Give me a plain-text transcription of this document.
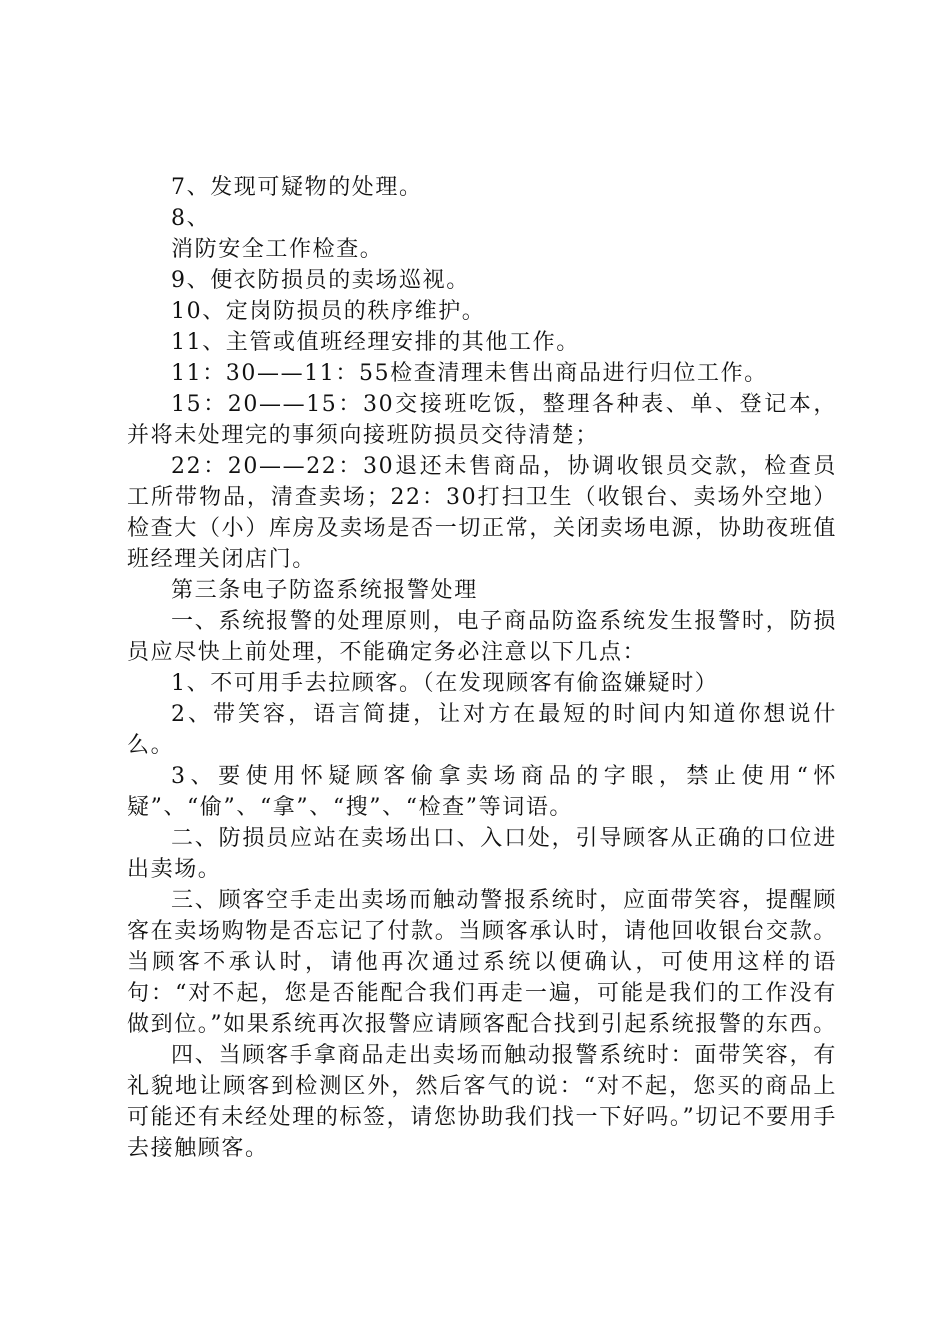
7、发现可疑物的处理。

8、

消防安全工作检查。

9、便衣防损员的卖场巡视。

10、定岗防损员的秩序维护。

11、主管或值班经理安排的其他工作。

11：30——11：55检查清理未售出商品进行归位工作。

15：20——15：30交接班吃饭，整理各种表、单、登记本，并将未处理完的事须向接班防损员交待清楚；

22：20——22：30退还未售商品，协调收银员交款，检查员工所带物品，清查卖场；22：30打扫卫生（收银台、卖场外空地）检查大（小）库房及卖场是否一切正常，关闭卖场电源，协助夜班值班经理关闭店门。

第三条电子防盗系统报警处理

一、系统报警的处理原则，电子商品防盗系统发生报警时，防损员应尽快上前处理，不能确定务必注意以下几点：

1、不可用手去拉顾客。（在发现顾客有偷盗嫌疑时）

2、带笑容，语言简捷，让对方在最短的时间内知道你想说什么。

3、要使用怀疑顾客偷拿卖场商品的字眼，禁止使用“怀疑”、“偷”、“拿”、“搜”、“检查”等词语。

二、防损员应站在卖场出口、入口处，引导顾客从正确的口位进出卖场。

三、顾客空手走出卖场而触动警报系统时，应面带笑容，提醒顾客在卖场购物是否忘记了付款。当顾客承认时，请他回收银台交款。当顾客不承认时，请他再次通过系统以便确认，可使用这样的语句：“对不起，您是否能配合我们再走一遍，可能是我们的工作没有做到位。”如果系统再次报警应请顾客配合找到引起系统报警的东西。

四、当顾客手拿商品走出卖场而触动报警系统时：面带笑容，有礼貌地让顾客到检测区外，然后客气的说：“对不起，您买的商品上可能还有未经处理的标签，请您协助我们找一下好吗。”切记不要用手去接触顾客。
